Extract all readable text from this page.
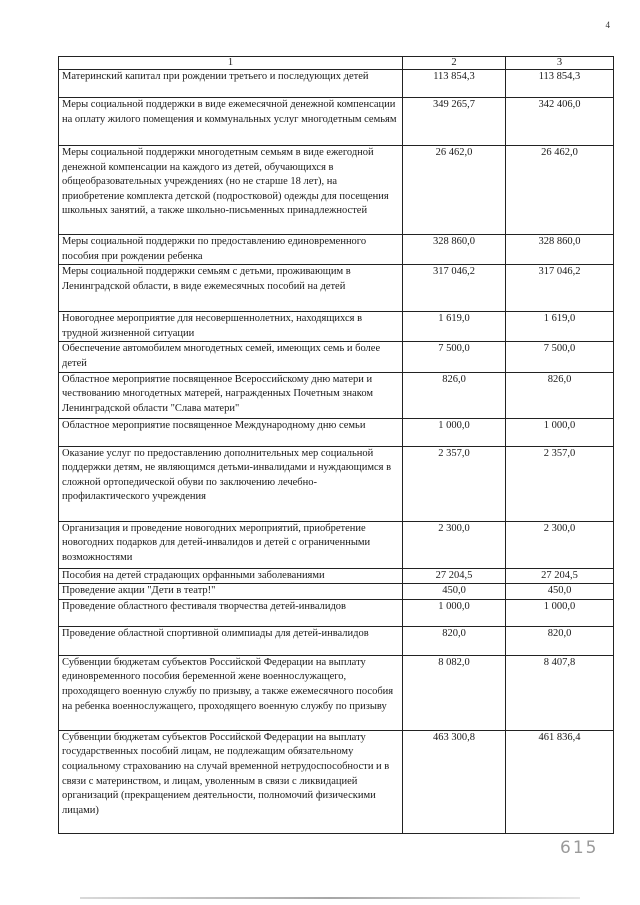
4
1	2	3
Материнский капитал при рождении третьего и последующих детей	113 854,3	113 854,3
Меры социальной поддержки в виде ежемесячной денежной компенсации на оплату жилого помещения и коммунальных услуг многодетным семьям	349 265,7	342 406,0
Меры социальной поддержки многодетным семьям в виде ежегодной денежной компенсации на каждого из детей, обучающихся в общеобразовательных учреждениях (но не старше 18 лет), на приобретение комплекта детской (подростковой) одежды для посещения школьных занятий, а также школьно-письменных принадлежностей	26 462,0	26 462,0
Меры социальной поддержки по предоставлению единовременного пособия при рождении ребенка	328 860,0	328 860,0
Меры социальной поддержки семьям с детьми, проживающим в Ленинградской области, в виде ежемесячных пособий на детей	317 046,2	317 046,2
Новогоднее мероприятие для несовершеннолетних, находящихся в трудной жизненной ситуации	1 619,0	1 619,0
Обеспечение автомобилем многодетных семей, имеющих семь и более детей	7 500,0	7 500,0
Областное мероприятие посвященное Всероссийскому дню матери и чествованию многодетных матерей, награжденных Почетным знаком Ленинградской области "Слава матери"	826,0	826,0
Областное мероприятие посвященное Международному дню семьи	1 000,0	1 000,0
Оказание услуг по предоставлению дополнительных мер социальной поддержки детям, не являющимся детьми-инвалидами и нуждающимся в сложной ортопедической обуви по заключению лечебно-профилактического учреждения	2 357,0	2 357,0
Организация и проведение новогодних мероприятий, приобретение новогодних подарков для детей-инвалидов и детей с ограниченными возможностями	2 300,0	2 300,0
Пособия на детей страдающих орфанными заболеваниями	27 204,5	27 204,5
Проведение акции "Дети в театр!"	450,0	450,0
Проведение областного фестиваля творчества детей-инвалидов	1 000,0	1 000,0
Проведение областной спортивной олимпиады для детей-инвалидов	820,0	820,0
Субвенции бюджетам субъектов Российской Федерации на выплату единовременного пособия беременной жене военнослужащего, проходящего военную службу по призыву, а также ежемесячного пособия на ребенка военнослужащего, проходящего военную службу по призыву	8 082,0	8 407,8
Субвенции бюджетам субъектов Российской Федерации на выплату государственных пособий лицам, не подлежащим обязательному социальному страхованию на случай временной нетрудоспособности и в связи с материнством, и лицам, уволенным в связи с ликвидацией организаций (прекращением деятельности, полномочий физическими лицами)	463 300,8	461 836,4
615
